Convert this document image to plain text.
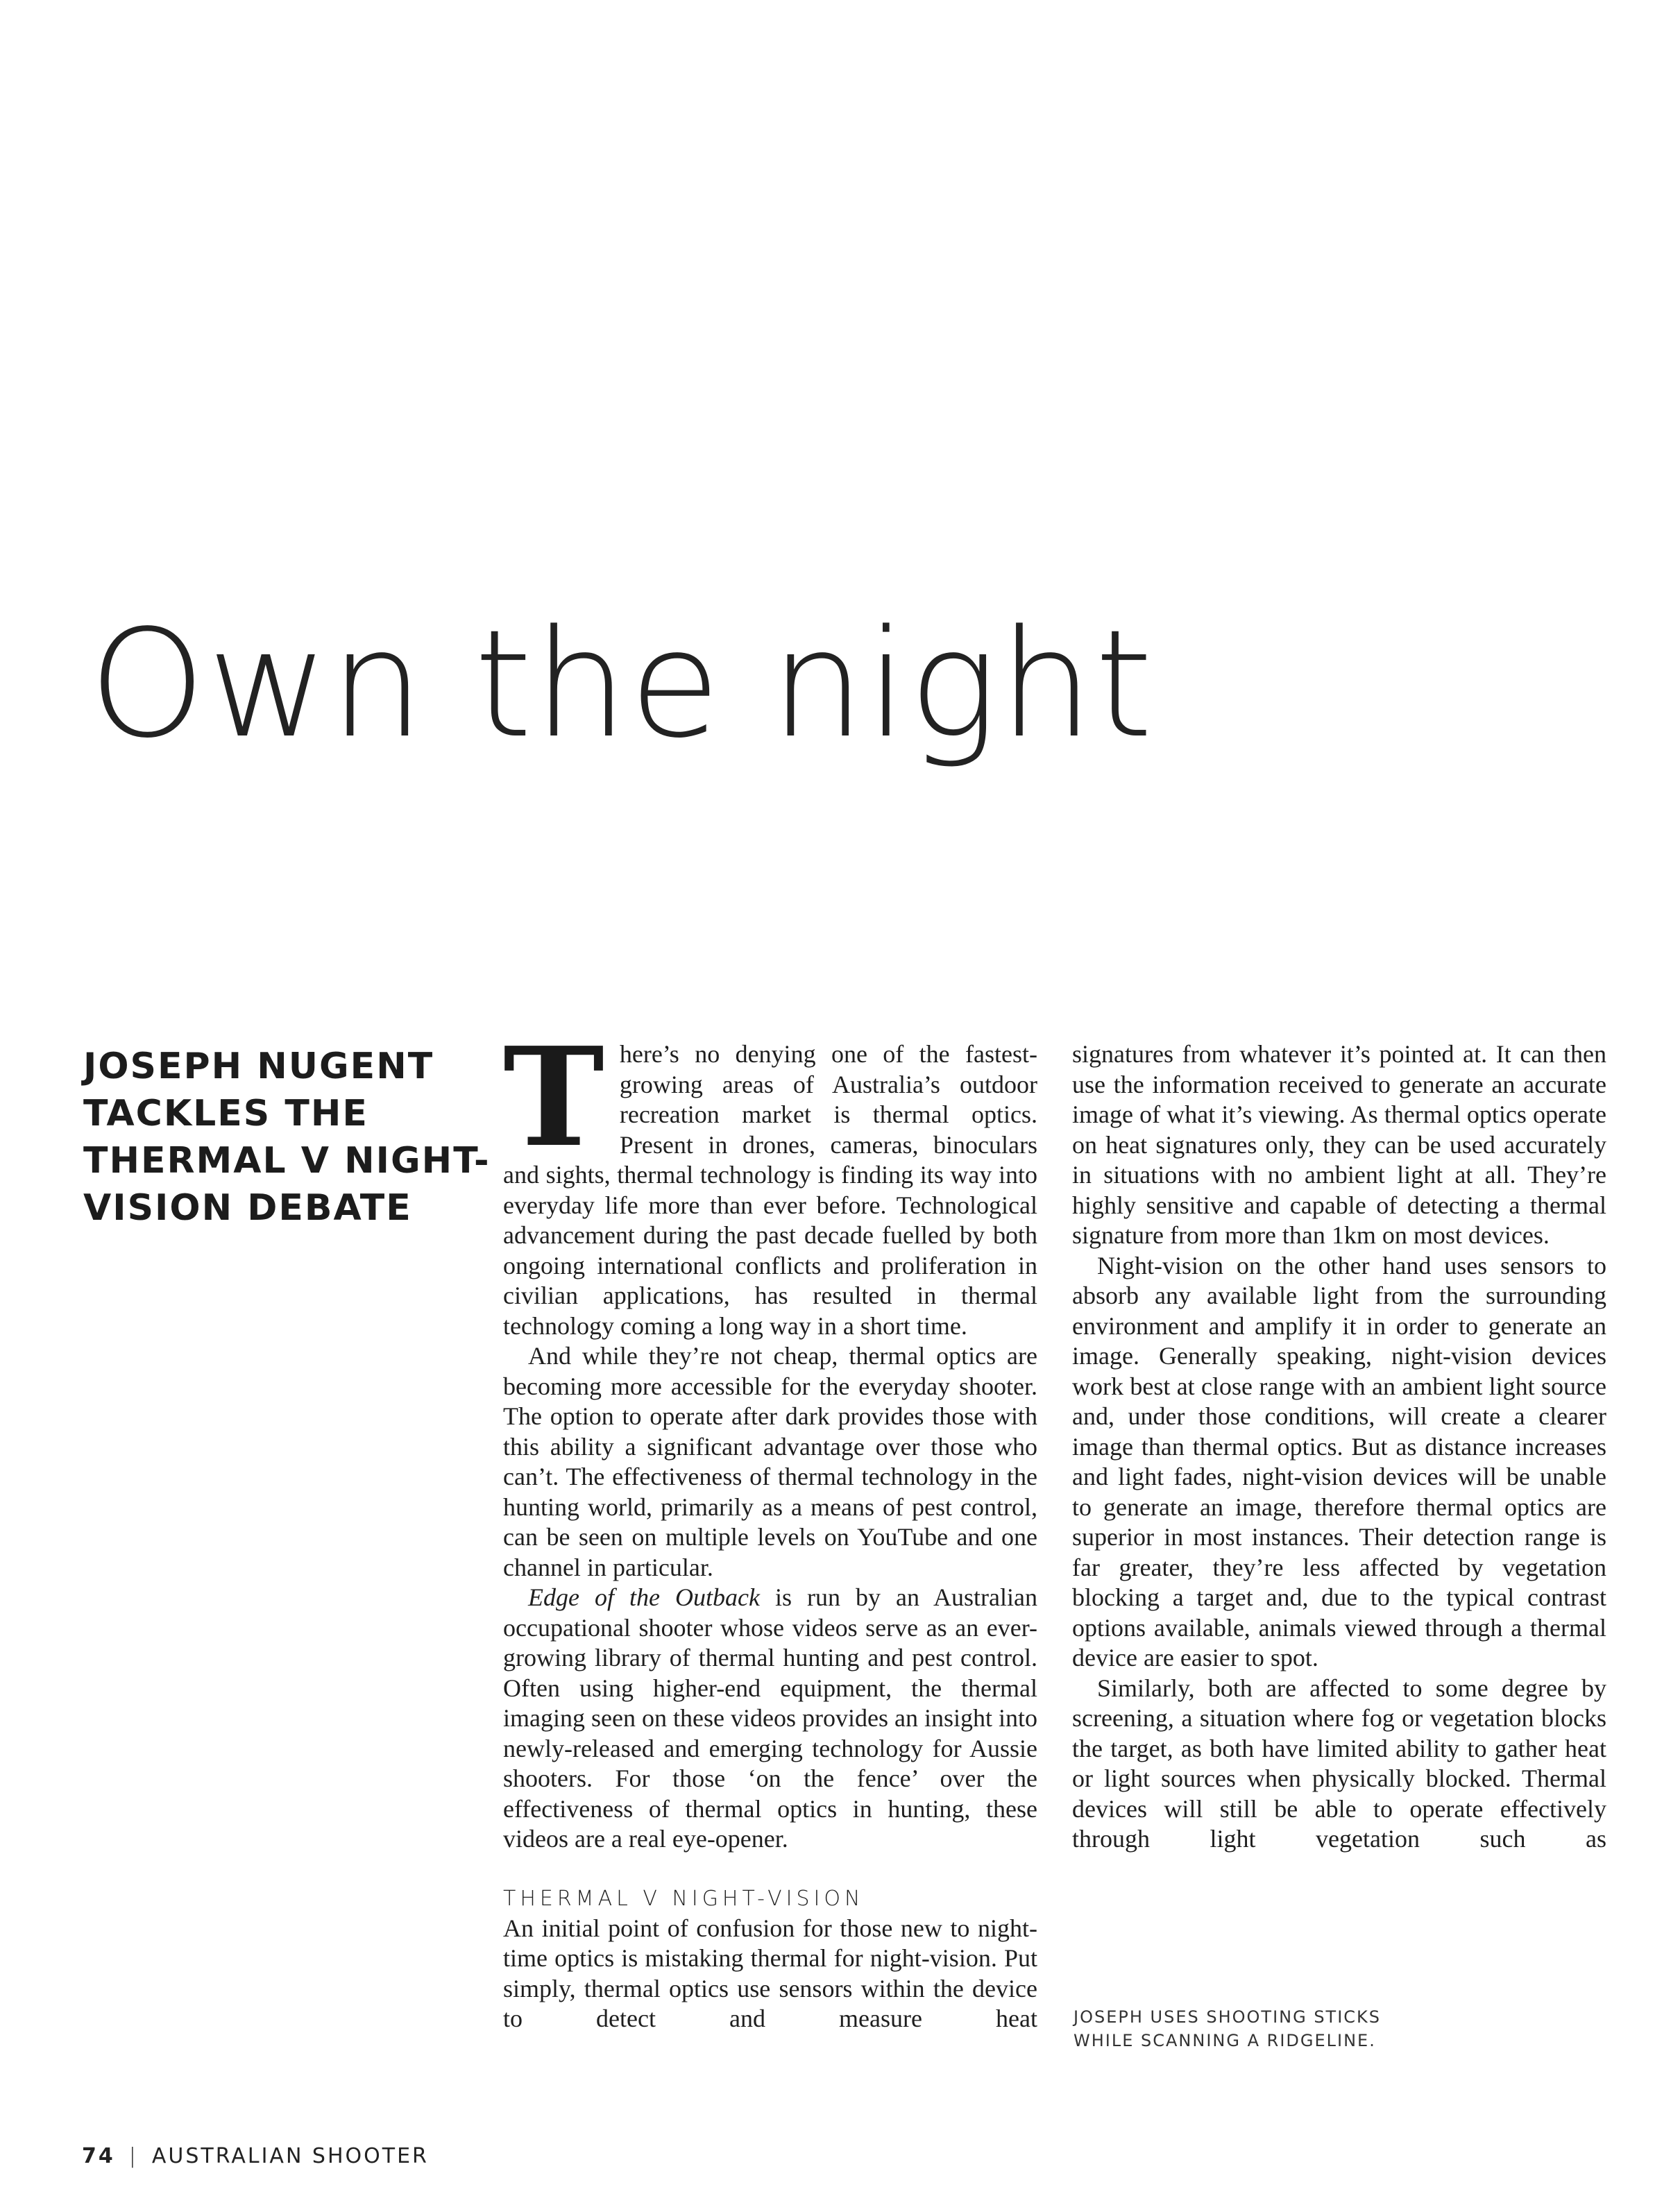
Own the night

JOSEPH NUGENT TACKLES THE THERMAL V NIGHT-VISION DEBATE

There’s no denying one of the fastest-growing areas of Australia’s outdoor recreation market is thermal optics. Present in drones, cameras, binoculars and sights, thermal technology is finding its way into everyday life more than ever before. Technological advancement during the past decade fuelled by both ongoing international conflicts and proliferation in civilian applications, has resulted in thermal technology coming a long way in a short time.

And while they’re not cheap, thermal optics are becoming more accessible for the everyday shooter. The option to operate after dark provides those with this ability a significant advantage over those who can’t. The effectiveness of thermal technology in the hunting world, primarily as a means of pest control, can be seen on multiple levels on YouTube and one channel in particular.

Edge of the Outback is run by an Australian occupational shooter whose videos serve as an ever-growing library of thermal hunting and pest control. Often using higher-end equipment, the thermal imaging seen on these videos provides an insight into newly-released and emerging technology for Aussie shooters. For those ‘on the fence’ over the effectiveness of thermal optics in hunting, these videos are a real eye-opener.

THERMAL V NIGHT-VISION

An initial point of confusion for those new to night-time optics is mistaking thermal for night-vision. Put simply, thermal optics use sensors within the device to detect and measure heat

signatures from whatever it’s pointed at. It can then use the information received to generate an accurate image of what it’s viewing. As thermal optics operate on heat signatures only, they can be used accurately in situations with no ambient light at all. They’re highly sensitive and capable of detecting a thermal signature from more than 1km on most devices.

Night-vision on the other hand uses sensors to absorb any available light from the surrounding environment and amplify it in order to generate an image. Generally speaking, night-vision devices work best at close range with an ambient light source and, under those conditions, will create a clearer image than thermal optics. But as distance increases and light fades, night-vision devices will be unable to generate an image, therefore thermal optics are superior in most instances. Their detection range is far greater, they’re less affected by vegetation blocking a target and, due to the typical contrast options available, animals viewed through a thermal device are easier to spot.

Similarly, both are affected to some degree by screening, a situation where fog or vegetation blocks the target, as both have limited ability to gather heat or light sources when physically blocked. Thermal devices will still be able to operate effectively through light vegetation such as

JOSEPH USES SHOOTING STICKS
WHILE SCANNING A RIDGELINE.
74 | AUSTRALIAN SHOOTER
